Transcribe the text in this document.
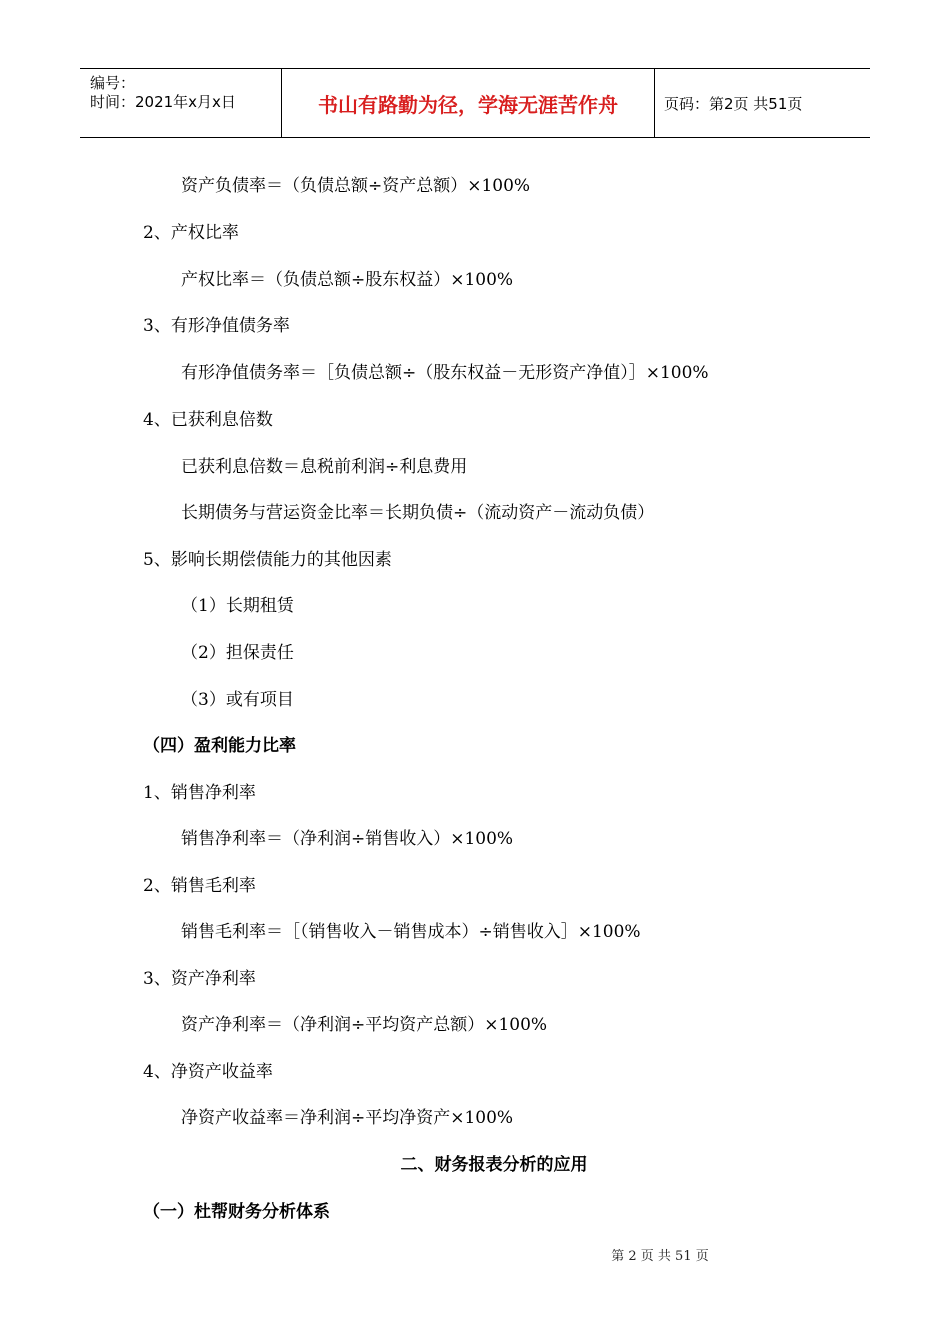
编号：
时间：2021年x月x日	书山有路勤为径，学海无涯苦作舟	页码：第2页 共51页
资产负债率＝（负债总额÷资产总额）×100%
2、产权比率
产权比率＝（负债总额÷股东权益）×100%
3、有形净值债务率
有形净值债务率＝［负债总额÷（股东权益－无形资产净值）］×100%
4、已获利息倍数
已获利息倍数＝息税前利润÷利息费用
长期债务与营运资金比率＝长期负债÷（流动资产－流动负债）
5、影响长期偿债能力的其他因素
（1）长期租赁
（2）担保责任
（3）或有项目
（四）盈利能力比率
1、销售净利率
销售净利率＝（净利润÷销售收入）×100%
2、销售毛利率
销售毛利率＝［（销售收入－销售成本）÷销售收入］×100%
3、资产净利率
资产净利率＝（净利润÷平均资产总额）×100%
4、净资产收益率
净资产收益率＝净利润÷平均净资产×100%
二、财务报表分析的应用
（一）杜帮财务分析体系
第 2 页 共 51 页
